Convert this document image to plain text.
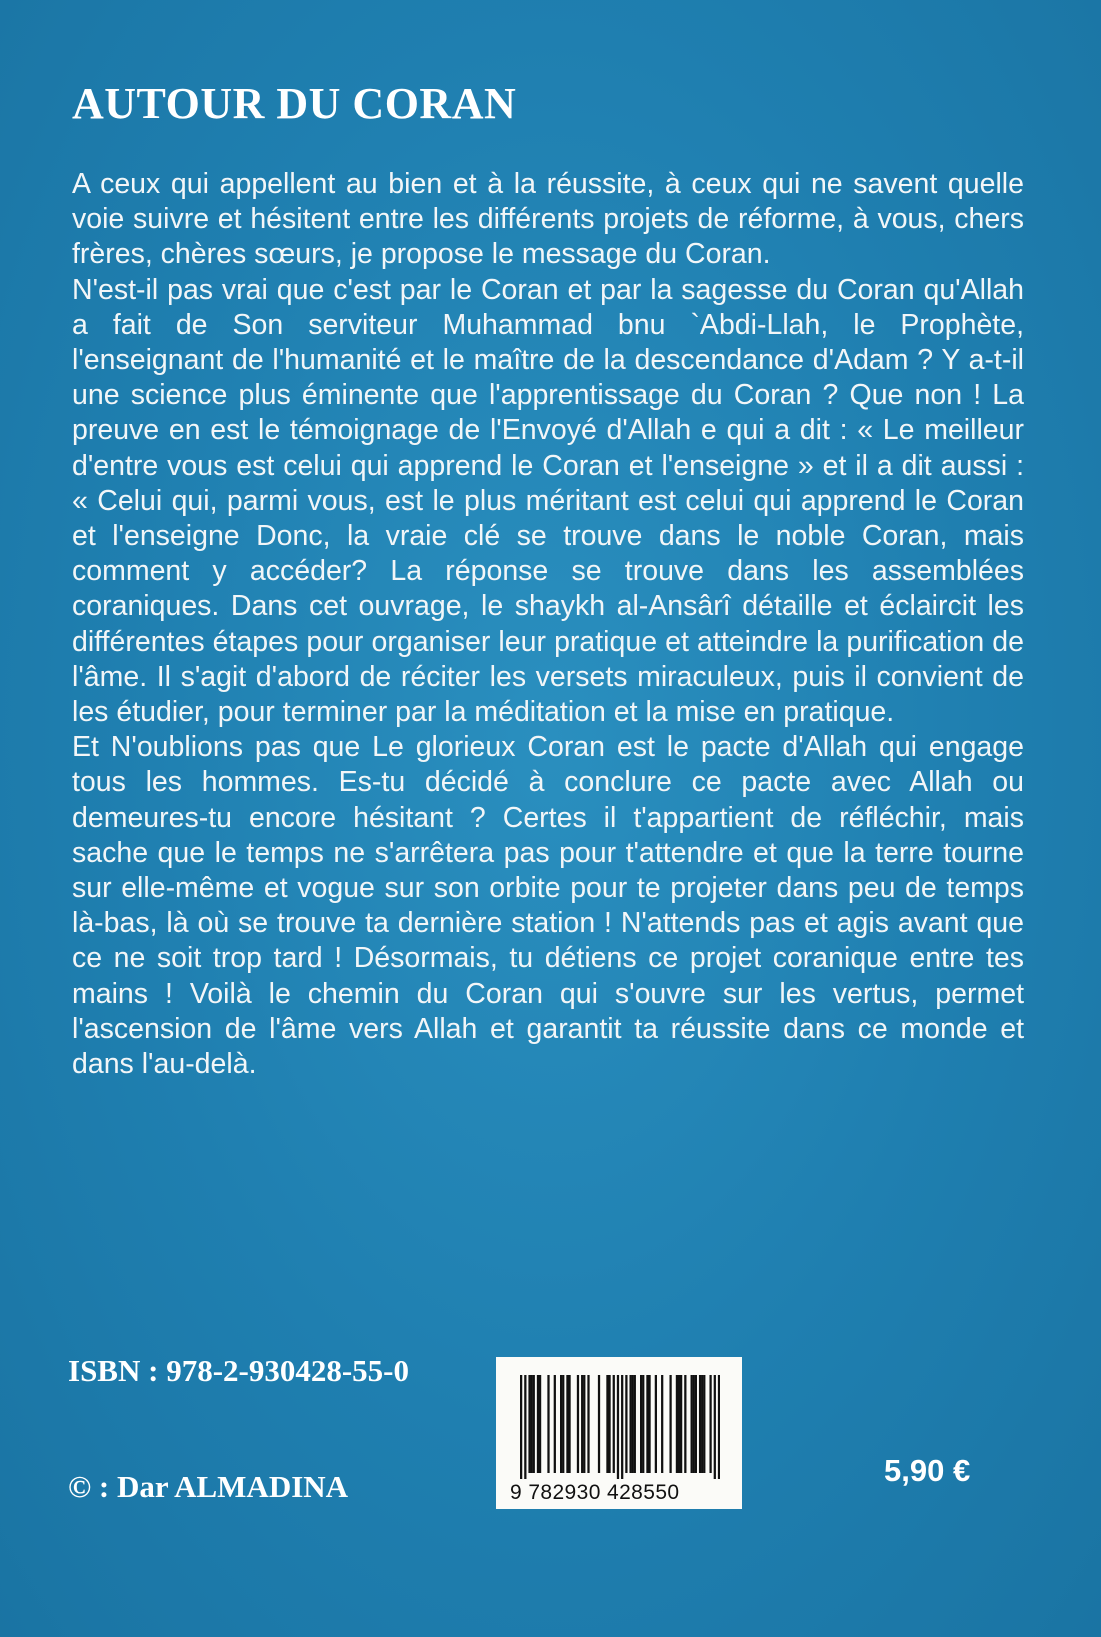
AUTOUR DU CORAN

A ceux qui appellent au bien et à la réussite, à ceux qui ne savent quelle voie suivre et hésitent entre les différents projets de réforme, à vous, chers frères, chères sœurs, je propose le message du Coran.

N'est-il pas vrai que c'est par le Coran et par la sagesse du Coran qu'Allah a fait de Son serviteur Muhammad bnu `Abdi-Llah, le Prophète, l'enseignant de l'humanité et le maître de la descendance d'Adam ? Y a-t-il une science plus éminente que l'apprentissage du Coran ? Que non ! La preuve en est le témoignage de l'Envoyé d'Allah e qui a dit : « Le meilleur d'entre vous est celui qui apprend le Coran et l'enseigne » et il a dit aussi : « Celui qui, parmi vous, est le plus méritant est celui qui apprend le Coran et l'enseigne Donc, la vraie clé se trouve dans le noble Coran, mais comment y accéder? La réponse se trouve dans les assemblées coraniques. Dans cet ouvrage, le shaykh al-Ansârî détaille et éclaircit les différentes étapes pour organiser leur pratique et atteindre la purification de l'âme. Il s'agit d'abord de réciter les versets miraculeux, puis il convient de les étudier, pour terminer par la méditation et la mise en pratique.

Et N'oublions pas que Le glorieux Coran est le pacte d'Allah qui engage tous les hommes. Es-tu décidé à conclure ce pacte avec Allah ou demeures-tu encore hésitant ? Certes il t'appartient de réfléchir, mais sache que le temps ne s'arrêtera pas pour t'attendre et que la terre tourne sur elle-même et vogue sur son orbite pour te projeter dans peu de temps là-bas, là où se trouve ta dernière station ! N'attends pas et agis avant que ce ne soit trop tard ! Désormais, tu détiens ce projet coranique entre tes mains ! Voilà le chemin du Coran qui s'ouvre sur les vertus, permet l'ascension de l'âme vers Allah et garantit ta réussite dans ce monde et dans l'au-delà.

ISBN : 978-2-930428-55-0
9 782930 428550
© : Dar ALMADINA	5,90 €
